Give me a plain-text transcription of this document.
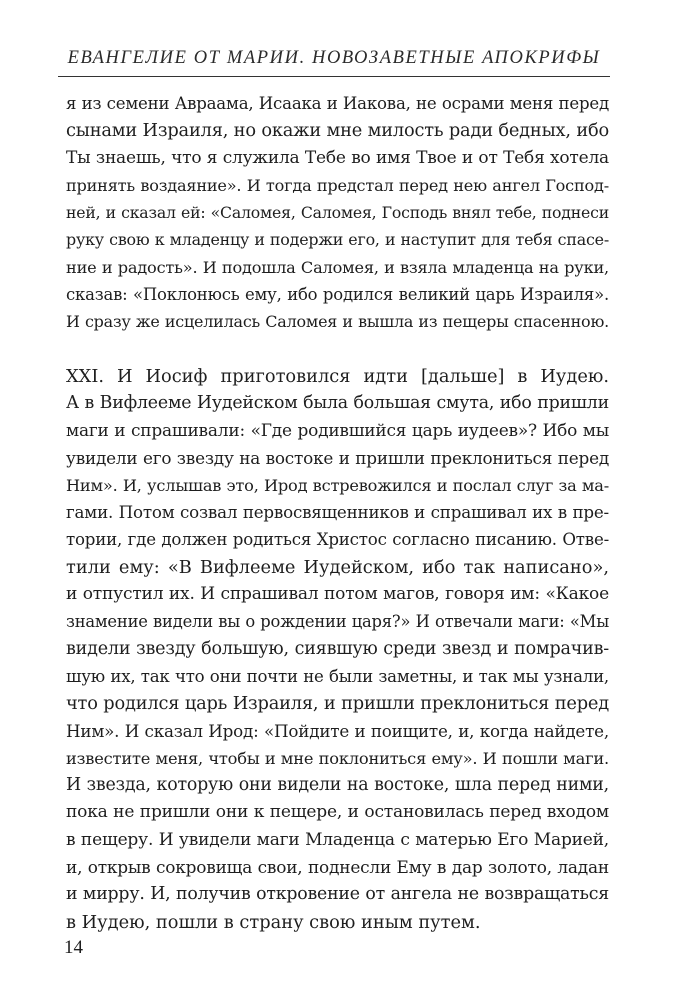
ЕВАНГЕЛИЕ ОТ МАРИИ. НОВОЗАВЕТНЫЕ АПОКРИФЫ

я из семени Авраама, Исаака и Иакова, не осрами меня перед
сынами Израиля, но окажи мне милость ради бедных, ибо
Ты знаешь, что я служила Тебе во имя Твое и от Тебя хотела
принять воздаяние». И тогда предстал перед нею ангел Господ-
ней, и сказал ей: «Саломея, Саломея, Господь внял тебе, поднеси
руку свою к младенцу и подержи его, и наступит для тебя спасе-
ние и радость». И подошла Саломея, и взяла младенца на руки,
сказав: «Поклонюсь ему, ибо родился великий царь Израиля».
И сразу же исцелилась Саломея и вышла из пещеры спасенною.

XXI. И Иосиф приготовился идти [дальше] в Иудею.
А в Вифлееме Иудейском была большая смута, ибо пришли
маги и спрашивали: «Где родившийся царь иудеев»? Ибо мы
увидели его звезду на востоке и пришли преклониться перед
Ним». И, услышав это, Ирод встревожился и послал слуг за ма-
гами. Потом созвал первосвященников и спрашивал их в пре-
тории, где должен родиться Христос согласно писанию. Отве-
тили ему: «В Вифлееме Иудейском, ибо так написано»,
и отпустил их. И спрашивал потом магов, говоря им: «Какое
знамение видели вы о рождении царя?» И отвечали маги: «Мы
видели звезду большую, сиявшую среди звезд и помрачив-
шую их, так что они почти не были заметны, и так мы узнали,
что родился царь Израиля, и пришли преклониться перед
Ним». И сказал Ирод: «Пойдите и поищите, и, когда найдете,
известите меня, чтобы и мне поклониться ему». И пошли маги.
И звезда, которую они видели на востоке, шла перед ними,
пока не пришли они к пещере, и остановилась перед входом
в пещеру. И увидели маги Младенца с матерью Его Марией,
и, открыв сокровища свои, поднесли Ему в дар золото, ладан
и мирру. И, получив откровение от ангела не возвращаться
в Иудею, пошли в страну свою иным путем.

14
